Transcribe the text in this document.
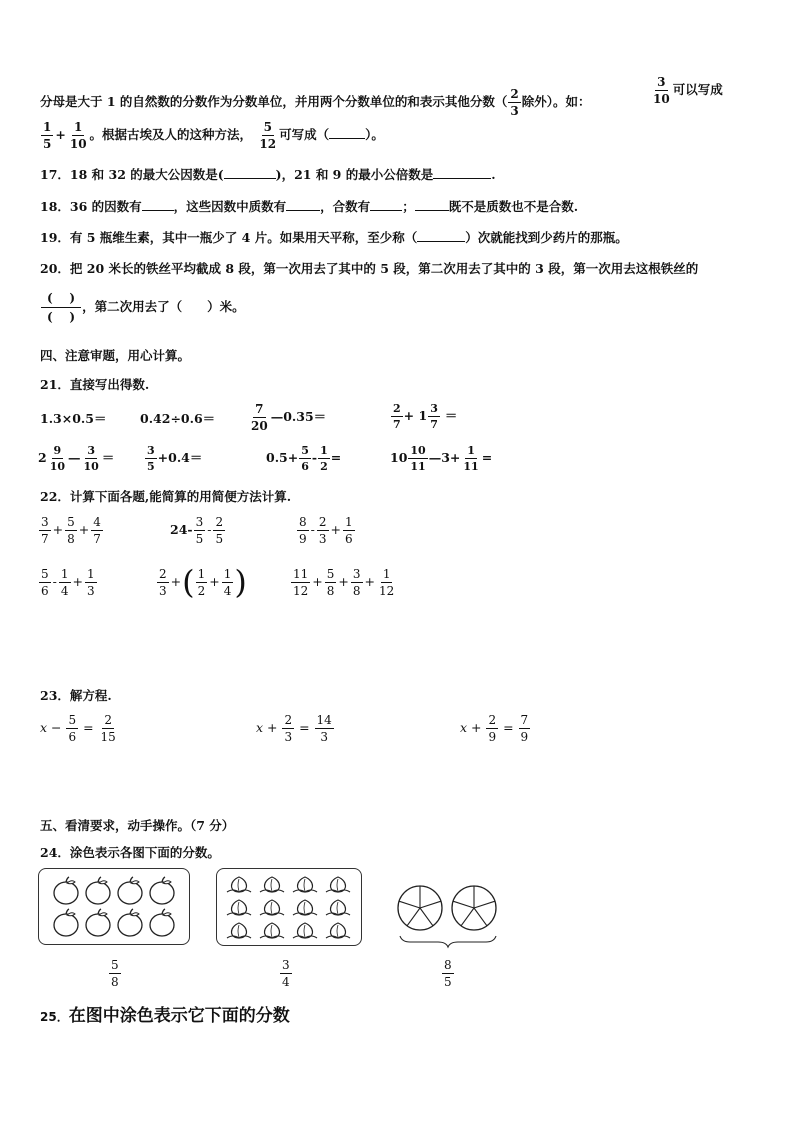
分母是大于 1 的自然数的分数作为分数单位，并用两个分数单位的和表示其他分数（ $\frac{2}{3}$ 除外）。如：	$\frac{3}{10}$ 可以写成
$\frac{1}{5} + \frac{1}{10}$ 。根据古埃及人的这种方法， $\frac{5}{12}$ 可写成（	）。
17．18 和 32 的最大公因数是(	)，21 和 9 的最小公倍数是	.
18．36 的因数有	，这些因数中质数有	，合数有	；	既不是质数也不是合数.
19．有 5 瓶维生素，其中一瓶少了 4 片。如果用天平称，至少称（	）次就能找到少药片的那瓶。
20．把 20 米长的铁丝平均截成 8 段，第一次用去了其中的 5 段，第二次用去了其中的 3 段，第一次用去这根铁丝的
$\frac{( )}{( )}$ ，第二次用去了（　　）米。
四、注意审题，用心计算。
21．直接写出得数.
1.3×0.5＝	0.42÷0.6＝	$\frac{7}{20}$ —0.35＝	$\frac{2}{7} + 1 \frac{3}{7}$ ＝
$2 \frac{9}{10}$ — $\frac{3}{10}$ ＝	$\frac{3}{5} +0.4=$	$0.5+ \frac{5}{6} - \frac{1}{2}$ =	$10 \frac{10}{11}$ —3+ $\frac{1}{11}$ =
22．计算下面各题,能简算的用简便方法计算.
$\frac{3}{7} + \frac{5}{8} + \frac{4}{7}$	$24- \frac{3}{5} - \frac{2}{5}$	$\frac{8}{9} - \frac{2}{3} + \frac{1}{6}$
$\frac{5}{6} - \frac{1}{4} + \frac{1}{3}$	$\frac{2}{3}$ +( $\frac{1}{2} + \frac{1}{4}$ )	$\frac{11}{12} + \frac{5}{8} + \frac{3}{8} + \frac{1}{12}$
23．解方程.
$x - \frac{5}{6} = \frac{2}{15}$	$x + \frac{2}{3} = \frac{14}{3}$	$x + \frac{2}{9} = \frac{7}{9}$
五、看清要求，动手操作。（7 分）
24．涂色表示各图下面的分数。
$\frac{5}{8}$	$\frac{3}{4}$	$\frac{8}{5}$
25．在图中涂色表示它下面的分数
